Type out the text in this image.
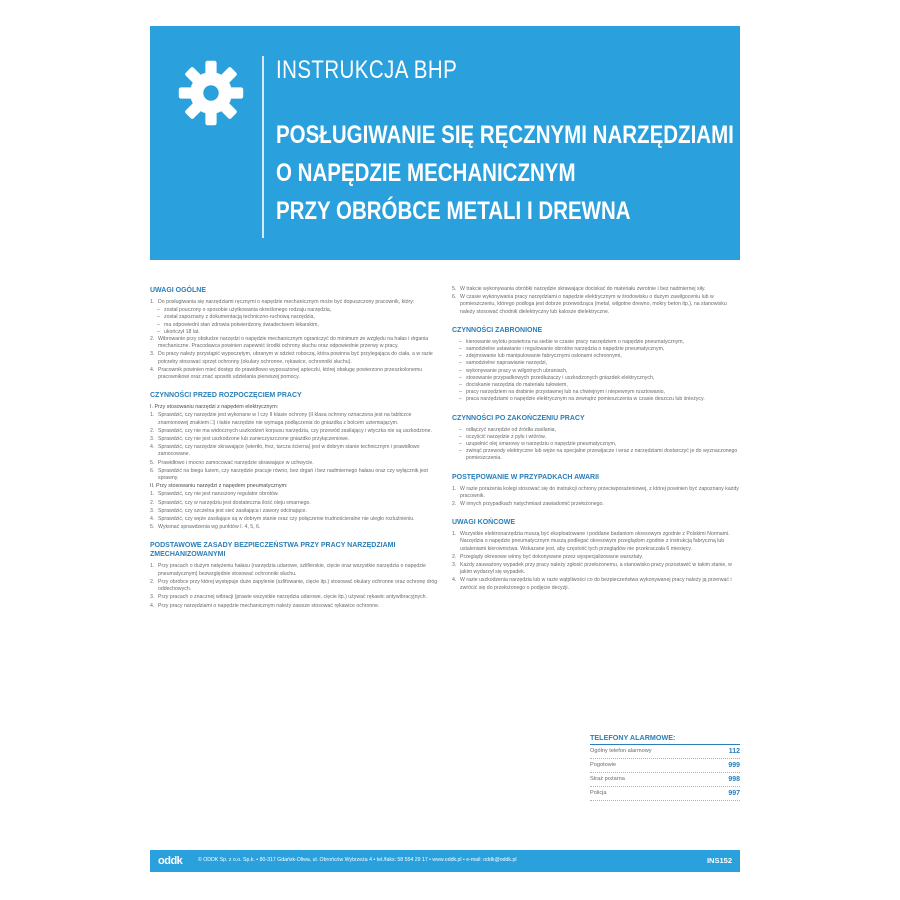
INSTRUKCJA BHP
POSŁUGIWANIE SIĘ RĘCZNYMI NARZĘDZIAMI
O NAPĘDZIE MECHANICZNYM
PRZY OBRÓBCE METALI I DREWNA
UWAGI OGÓLNE
1. Do posługiwania się narzędziami ręcznymi o napędzie mechanicznym może być dopuszczony pracownik, który:
– został pouczony o sposobie użytkowania określonego rodzaju narzędzia,
– został zapoznany z dokumentacją techniczno-ruchową narzędzia,
– ma odpowiedni stan zdrowia potwierdzony świadectwem lekarskim,
– ukończył 18 lat.
2. Wibrowanie przy obsłudze narzędzi o napędzie mechanicznym ograniczyć do minimum ze względu na hałas i drgania mechaniczne. Pracodawca powinien zapewnić środki ochrony słuchu oraz odpowiednie przerwy w pracy.
3. Do pracy należy przystąpić wypoczętym, ubranym w odzież roboczą, która powinna być przylegająca do ciała, a w razie potrzeby stosować sprzęt ochronny (okulary ochronne, rękawice, ochronniki słuchu).
4. Pracownik powinien mieć dostęp do prawidłowo wyposażonej apteczki, której obsługę powierzono przeszkolonemu pracownikowi oraz znać sposób udzielania pierwszej pomocy.
CZYNNOŚCI PRZED ROZPOCZĘCIEM PRACY
I. Przy stosowaniu narzędzi z napędem elektrycznym:
1. Sprawdzić, czy narzędzie jest wykonane w I czy II klasie ochrony (II klasa ochrony oznaczona jest na tabliczce znamionowej znakiem □) i takie narzędzie nie wymaga podłączenia do gniazdka z bolcem uziemiającym.
2. Sprawdzić, czy nie ma widocznych uszkodzeń korpusu narzędzia, czy przewód zasilający i wtyczka nie są uszkodzone.
3. Sprawdzić, czy nie jest uszkodzone lub zanieczyszczone gniazdko przyłączeniowe.
4. Sprawdzić, czy narzędzie skrawające (wiertło, frez, tarcza ścierna) jest w dobrym stanie technicznym i prawidłowo zamocowane.
5. Prawidłowo i mocno zamocować narzędzie skrawające w uchwycie.
6. Sprawdzić na biegu luzem, czy narzędzie pracuje równo, bez drgań i bez nadmiernego hałasu oraz czy wyłącznik jest sprawny.
II. Przy stosowaniu narzędzi z napędem pneumatycznym:
1. Sprawdzić, czy nie jest naruszony regulator obrotów.
2. Sprawdzić, czy w narzędziu jest dostateczna ilość oleju smarnego.
3. Sprawdzić, czy szczelna jest sieć zasilająca i zawory odcinające.
4. Sprawdzić, czy węże zasilające są w dobrym stanie oraz czy połączenie trudnościeralne nie uległo rozluźnieniu.
5. Wykonać sprawdzenia wg punktów I. 4, 5, 6.
PODSTAWOWE ZASADY BEZPIECZEŃSTWA PRZY PRACY NARZĘDZIAMI ZMECHANIZOWANYMI
1. Przy pracach o dużym natężeniu hałasu (narzędzia udarowe, szlifierskie, cięcie oraz wszystkie narzędzia o napędzie pneumatycznym) bezwzględnie stosować ochronniki słuchu.
2. Przy obróbce przy której występuje duże zapylenie (szlifowanie, cięcie itp.) stosować okulary ochronne oraz ochronę dróg oddechowych.
3. Przy pracach o znacznej wibracji (prawie wszystkie narzędzia udarowe, cięcie itp.) używać rękawic antywibracyjnych.
4. Przy pracy narzędziami o napędzie mechanicznym należy zawsze stosować rękawice ochronne.
5. W trakcie wykonywania obróbki narzędzie skrawające dociskać do materiału zwrotnie i bez nadmiernej siły.
6. W czasie wykonywania pracy narzędziami o napędzie elektrycznym w środowisku o dużym zawilgoceniu lub w pomieszczeniu, którego podłoga jest dobrze przewodząca (metal, wilgotne drewno, mokry beton itp.), na stanowisku należy stosować chodnik dielektryczny lub kalosze dielektryczne.
CZYNNOŚCI ZABRONIONE
– kierowanie wylotu powietrza na siebie w czasie pracy narzędziem o napędzie pneumatycznym,
– samodzielne ustawianie i regulowanie obrotów narzędzia o napędzie pneumatycznym,
– zdejmowanie lub manipulowanie fabrycznymi osłonami ochronnymi,
– samodzielne naprawianie narzędzi,
– wykonywanie pracy w wilgotnych ubraniach,
– stosowanie przypadkowych przedłużaczy i uszkodzonych gniazdek elektrycznych,
– dociskanie narzędzia do materiału tułowiem,
– pracy narzędziem na drabinie przystawnej lub na chwiejnym i niepewnym rusztowaniu,
– praca narzędziami o napędzie elektrycznym na zewnątrz pomieszczenia w czasie deszczu lub śnieżycy.
CZYNNOŚCI PO ZAKOŃCZENIU PRACY
– odłączyć narzędzie od źródła zasilania,
– oczyścić narzędzie z pyłu i wiórów,
– uzupełnić olej smarowy w narzędziu o napędzie pneumatycznym,
– zwinąć przewody elektryczne lub węże na specjalne przewijacze i wraz z narzędziami dostarczyć je do wyznaczonego pomieszczenia.
POSTĘPOWANIE W PRZYPADKACH AWARII
1. W razie porażenia kolegi stosować się do instrukcji ochrony przeciwporażeniowej, z której powinien być zapoznany każdy pracownik.
2. W innych przypadkach natychmiast zawiadomić przełożonego.
UWAGI KOŃCOWE
1. Wszystkie elektronarzędzia muszą być eksploatowane i poddane badaniom okresowym zgodnie z Polskimi Normami. Narzędzia o napędzie pneumatycznym muszą podlegać okresowym przeglądom zgodnie z instrukcją fabryczną lub ustaleniami kierownictwa. Wskazane jest, aby częstość tych przeglądów nie przekraczała 6 miesięcy.
2. Przeglądy okresowe winny być dokonywane przez wyspecjalizowane warsztaty.
3. Każdy zauważony wypadek przy pracy należy zgłosić przełożonemu, a stanowisko pracy pozostawić w takim stanie, w jakim wydarzył się wypadek.
4. W razie uszkodzenia narzędzia lub w razie wątpliwości co do bezpieczeństwa wykonywanej pracy należy ją przerwać i zwrócić się do przełożonego o podjęcie decyzji.
TELEFONY ALARMOWE:
Ogólny telefon alarmowy	112
Pogotowie	999
Straż pożarna	998
Policja	997
oddk	© ODDK Sp. z o.o. Sp.k. • 80-317 Gdańsk-Oliwa, ul. Obrońców Wybrzeża 4 • tel./faks: 58 554 29 17 • www.oddk.pl • e-mail: oddk@oddk.pl	INS152
